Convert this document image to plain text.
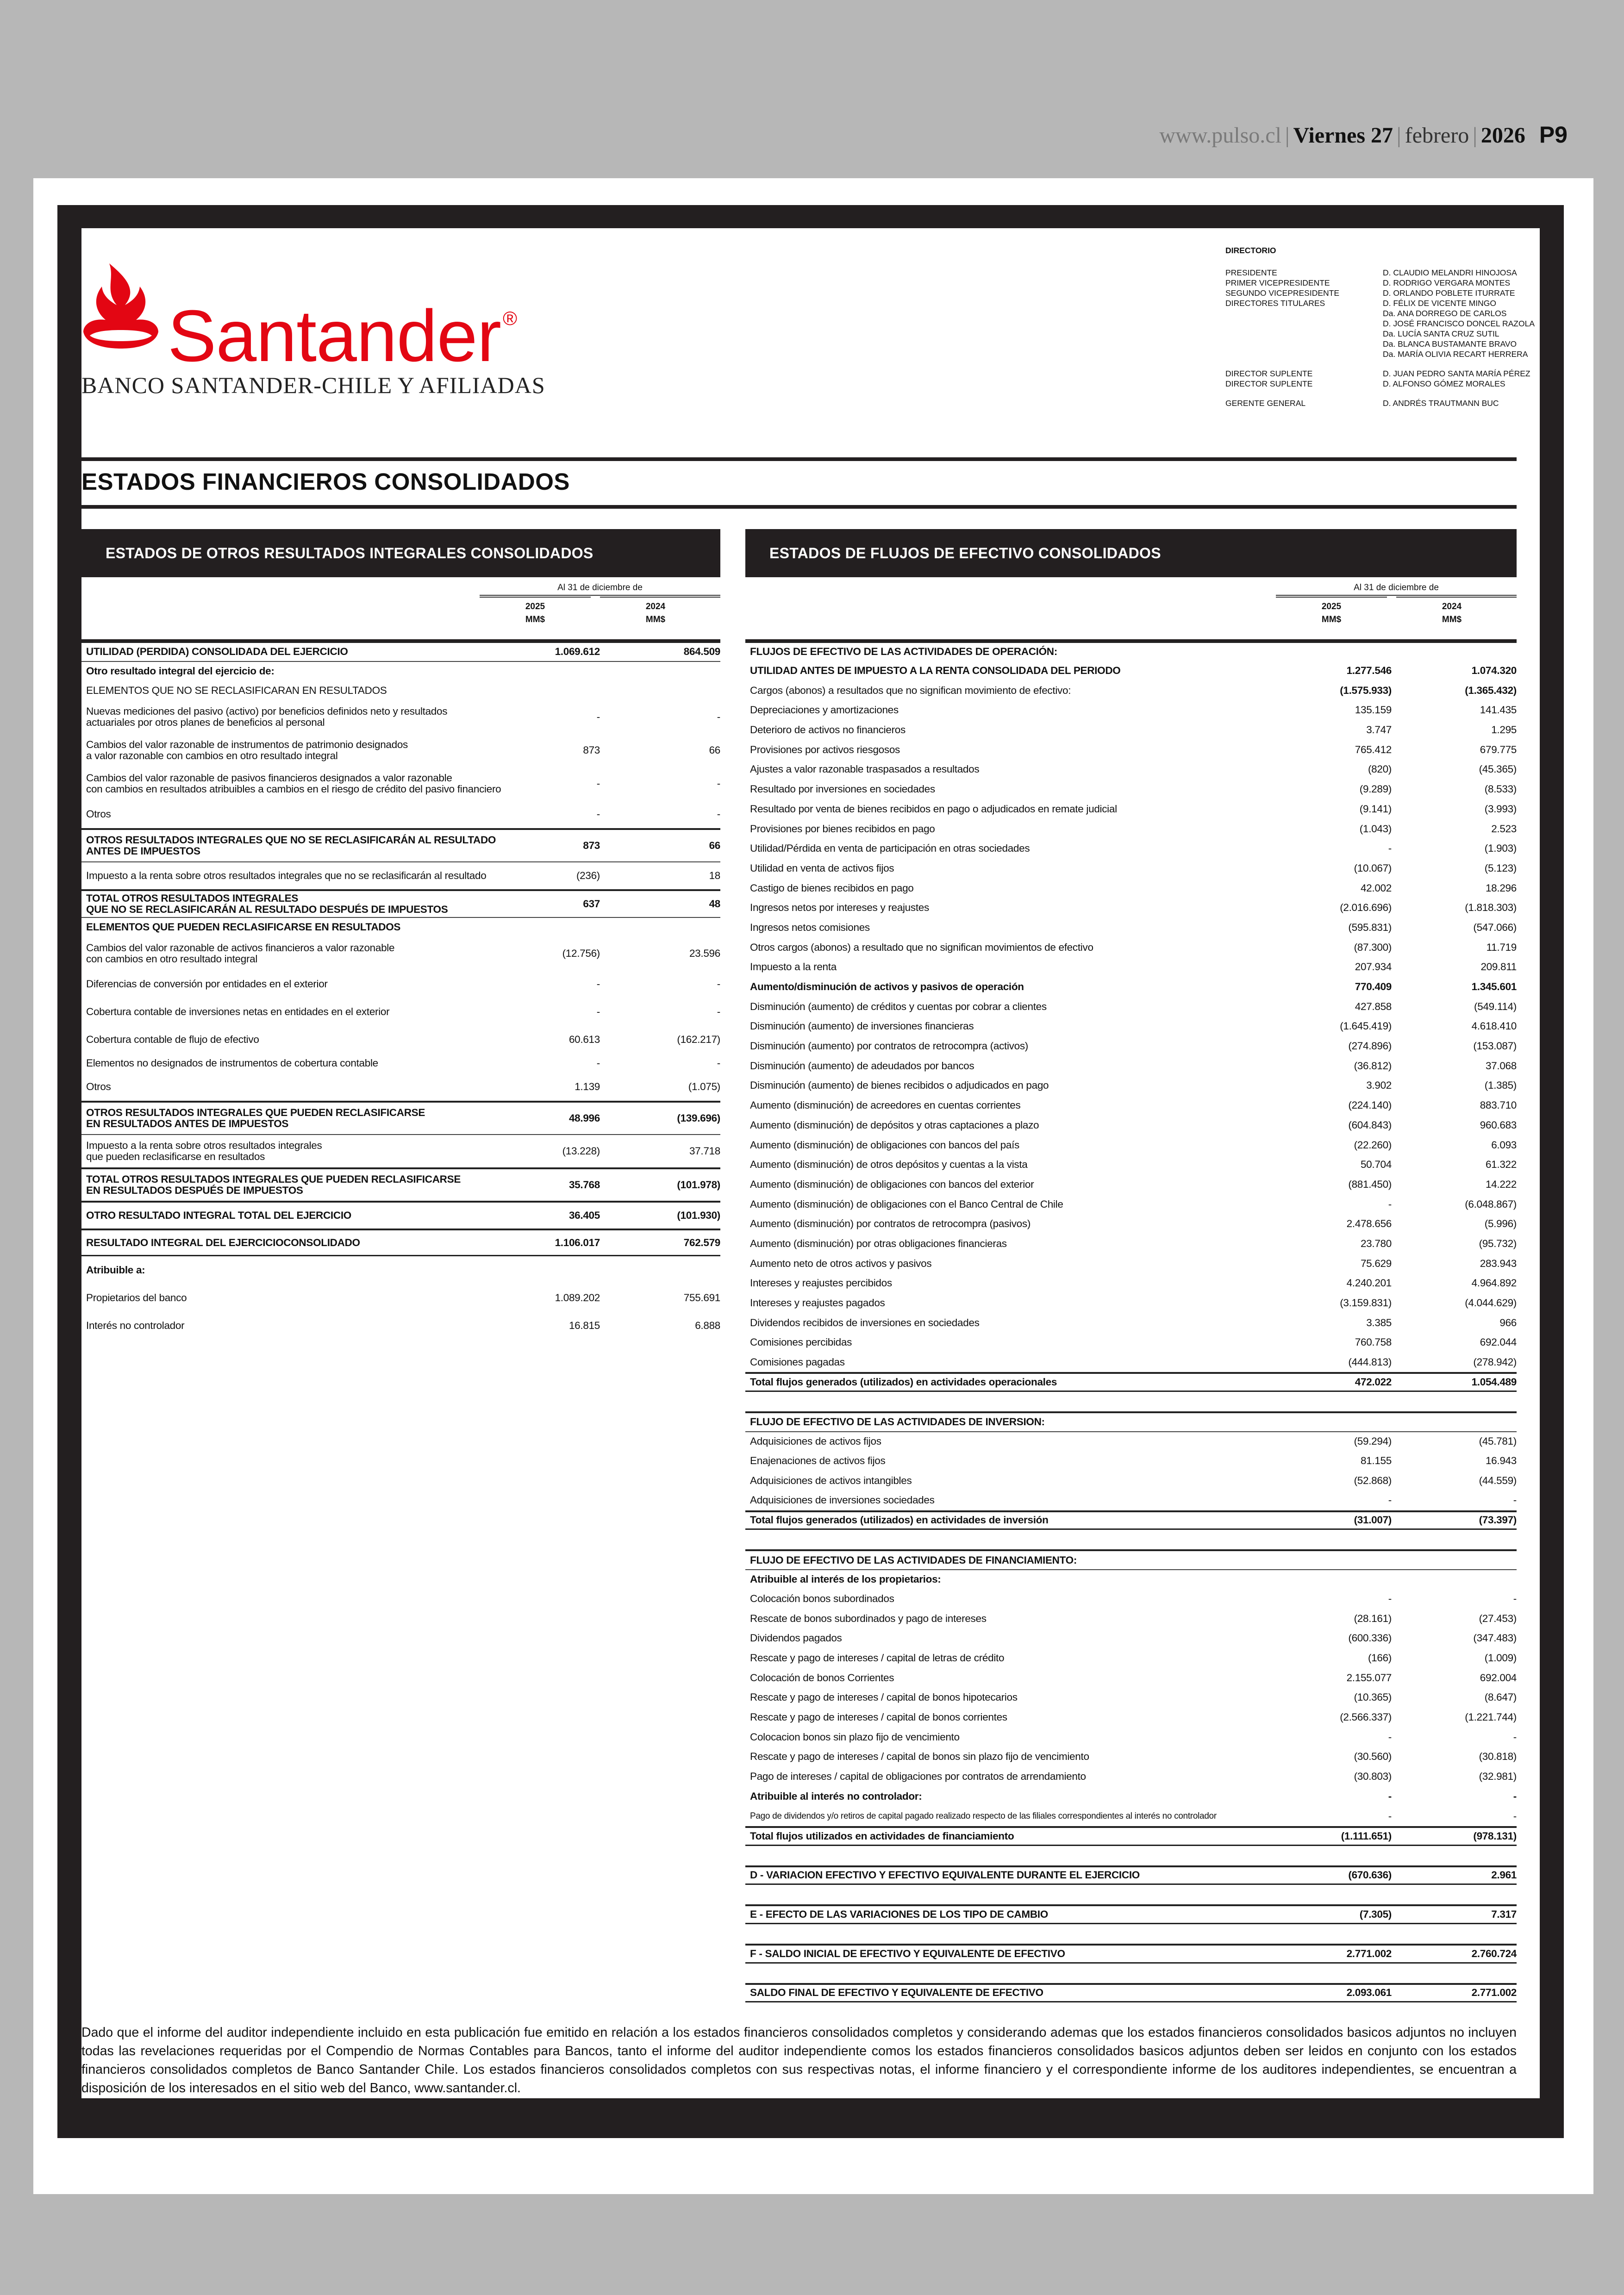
www.pulso.cl | Viernes 27 | febrero | 2026 P9
Santander®
BANCO SANTANDER-CHILE Y AFILIADAS
DIRECTORIO
PRESIDENTE	D. CLAUDIO MELANDRI HINOJOSA
PRIMER VICEPRESIDENTE	D. RODRIGO VERGARA MONTES
SEGUNDO VICEPRESIDENTE	D. ORLANDO POBLETE ITURRATE
DIRECTORES TITULARES	D. FÉLIX DE VICENTE MINGO
Da. ANA DORREGO DE CARLOS
D. JOSÉ FRANCISCO DONCEL RAZOLA
Da. LUCÍA SANTA CRUZ SUTIL
Da. BLANCA BUSTAMANTE BRAVO
Da. MARÍA OLIVIA RECART HERRERA
DIRECTOR SUPLENTE	D. JUAN PEDRO SANTA MARÍA PÉREZ
DIRECTOR SUPLENTE	D. ALFONSO GÓMEZ MORALES
GERENTE GENERAL	D. ANDRÉS TRAUTMANN BUC
ESTADOS FINANCIEROS CONSOLIDADOS
ESTADOS DE OTROS RESULTADOS INTEGRALES CONSOLIDADOS
Al 31 de diciembre de
2025
MM$
2024
MM$
UTILIDAD (PERDIDA) CONSOLIDADA DEL EJERCICIO	1.069.612	864.509
Otro resultado integral del ejercicio de:
ELEMENTOS QUE NO SE RECLASIFICARAN EN RESULTADOS
Nuevas mediciones del pasivo (activo) por beneficios definidos neto y resultados
actuariales por otros planes de beneficios al personal	-	-
Cambios del valor razonable de instrumentos de patrimonio designados
a valor razonable con cambios en otro resultado integral	873	66
Cambios del valor razonable de pasivos financieros designados a valor razonable
con cambios en resultados atribuibles a cambios en el riesgo de crédito del pasivo financiero	-	-
Otros	-	-
OTROS RESULTADOS INTEGRALES QUE NO SE RECLASIFICARÁN AL RESULTADO
ANTES DE IMPUESTOS	873	66
Impuesto a la renta sobre otros resultados integrales que no se reclasificarán al resultado	(236)	18
TOTAL OTROS RESULTADOS INTEGRALES
QUE NO SE RECLASIFICARÁN AL RESULTADO DESPUÉS DE IMPUESTOS	637	48
ELEMENTOS QUE PUEDEN RECLASIFICARSE EN RESULTADOS
Cambios del valor razonable de activos financieros a valor razonable
con cambios en otro resultado integral	(12.756)	23.596
Diferencias de conversión por entidades en el exterior	-	-
Cobertura contable de inversiones netas en entidades en el exterior	-	-
Cobertura contable de flujo de efectivo	60.613	(162.217)
Elementos no designados de instrumentos de cobertura contable	-	-
Otros	1.139	(1.075)
OTROS RESULTADOS INTEGRALES QUE PUEDEN RECLASIFICARSE
EN RESULTADOS ANTES DE IMPUESTOS	48.996	(139.696)
Impuesto a la renta sobre otros resultados integrales
que pueden reclasificarse en resultados	(13.228)	37.718
TOTAL OTROS RESULTADOS INTEGRALES QUE PUEDEN RECLASIFICARSE
EN RESULTADOS DESPUÉS DE IMPUESTOS	35.768	(101.978)
OTRO RESULTADO INTEGRAL TOTAL DEL EJERCICIO	36.405	(101.930)
RESULTADO INTEGRAL DEL EJERCICIOCONSOLIDADO	1.106.017	762.579
Atribuible a:
Propietarios del banco	1.089.202	755.691
Interés no controlador	16.815	6.888
ESTADOS DE FLUJOS DE EFECTIVO CONSOLIDADOS
Al 31 de diciembre de
2025
MM$
2024
MM$
FLUJOS DE EFECTIVO DE LAS ACTIVIDADES DE OPERACIÓN:
UTILIDAD ANTES DE IMPUESTO A LA RENTA CONSOLIDADA DEL PERIODO	1.277.546	1.074.320
Cargos (abonos) a resultados que no significan movimiento de efectivo:	(1.575.933)	(1.365.432)
Depreciaciones y amortizaciones	135.159	141.435
Deterioro de activos no financieros	3.747	1.295
Provisiones por activos riesgosos	765.412	679.775
Ajustes a valor razonable traspasados a resultados	(820)	(45.365)
Resultado por inversiones en sociedades	(9.289)	(8.533)
Resultado por venta de bienes recibidos en pago o adjudicados en remate judicial	(9.141)	(3.993)
Provisiones por bienes recibidos en pago	(1.043)	2.523
Utilidad/Pérdida en venta de participación en otras sociedades	-	(1.903)
Utilidad en venta de activos fijos	(10.067)	(5.123)
Castigo de bienes recibidos en pago	42.002	18.296
Ingresos netos por intereses y reajustes	(2.016.696)	(1.818.303)
Ingresos netos comisiones	(595.831)	(547.066)
Otros cargos (abonos) a resultado que no significan movimientos de efectivo	(87.300)	11.719
Impuesto a la renta	207.934	209.811
Aumento/disminución de activos y pasivos de operación	770.409	1.345.601
Disminución (aumento) de créditos y cuentas por cobrar a clientes	427.858	(549.114)
Disminución (aumento) de inversiones financieras	(1.645.419)	4.618.410
Disminución (aumento) por contratos de retrocompra (activos)	(274.896)	(153.087)
Disminución (aumento) de adeudados por bancos	(36.812)	37.068
Disminución (aumento) de bienes recibidos o adjudicados en pago	3.902	(1.385)
Aumento (disminución) de acreedores en cuentas corrientes	(224.140)	883.710
Aumento (disminución) de depósitos y otras captaciones a plazo	(604.843)	960.683
Aumento (disminución) de obligaciones con bancos del país	(22.260)	6.093
Aumento (disminución) de otros depósitos y cuentas a la vista	50.704	61.322
Aumento (disminución) de obligaciones con bancos del exterior	(881.450)	14.222
Aumento (disminución) de obligaciones con el Banco Central de Chile	-	(6.048.867)
Aumento (disminución) por contratos de retrocompra (pasivos)	2.478.656	(5.996)
Aumento (disminución) por otras obligaciones financieras	23.780	(95.732)
Aumento neto de otros activos y pasivos	75.629	283.943
Intereses y reajustes percibidos	4.240.201	4.964.892
Intereses y reajustes pagados	(3.159.831)	(4.044.629)
Dividendos recibidos de inversiones en sociedades	3.385	966
Comisiones percibidas	760.758	692.044
Comisiones pagadas	(444.813)	(278.942)
Total flujos generados (utilizados) en actividades operacionales	472.022	1.054.489
FLUJO DE EFECTIVO DE LAS ACTIVIDADES DE INVERSION:
Adquisiciones de activos fijos	(59.294)	(45.781)
Enajenaciones de activos fijos	81.155	16.943
Adquisiciones de activos intangibles	(52.868)	(44.559)
Adquisiciones de inversiones sociedades	-	-
Total flujos generados (utilizados) en actividades de inversión	(31.007)	(73.397)
FLUJO DE EFECTIVO DE LAS ACTIVIDADES DE FINANCIAMIENTO:
Atribuible al interés de los propietarios:
Colocación bonos subordinados	-	-
Rescate de bonos subordinados y pago de intereses	(28.161)	(27.453)
Dividendos pagados	(600.336)	(347.483)
Rescate y pago de intereses / capital de letras de crédito	(166)	(1.009)
Colocación de bonos Corrientes	2.155.077	692.004
Rescate y pago de intereses / capital de bonos hipotecarios	(10.365)	(8.647)
Rescate y pago de intereses / capital de bonos corrientes	(2.566.337)	(1.221.744)
Colocacion bonos sin plazo fijo de vencimiento	-	-
Rescate y pago de intereses / capital de bonos sin plazo fijo de vencimiento	(30.560)	(30.818)
Pago de intereses / capital de obligaciones por contratos de arrendamiento	(30.803)	(32.981)
Atribuible al interés no controlador:	-	-
Pago de dividendos y/o retiros de capital pagado realizado respecto de las filiales correspondientes al interés no controlador	-	-
Total flujos utilizados en actividades de financiamiento	(1.111.651)	(978.131)
D - VARIACION EFECTIVO Y EFECTIVO EQUIVALENTE DURANTE EL EJERCICIO	(670.636)	2.961
E - EFECTO DE LAS VARIACIONES DE LOS TIPO DE CAMBIO	(7.305)	7.317
F - SALDO INICIAL DE EFECTIVO Y EQUIVALENTE DE EFECTIVO	2.771.002	2.760.724
SALDO FINAL DE EFECTIVO Y EQUIVALENTE DE EFECTIVO	2.093.061	2.771.002
Dado que el informe del auditor independiente incluido en esta publicación fue emitido en relación a los estados financieros consolidados completos y considerando ademas que los estados financieros consolidados basicos adjuntos no incluyen todas las revelaciones requeridas por el Compendio de Normas Contables para Bancos, tanto el informe del auditor independiente comos los estados financieros consolidados basicos adjuntos deben ser leidos en conjunto con los estados financieros consolidados completos de Banco Santander Chile. Los estados financieros consolidados completos con sus respectivas notas, el informe financiero y el correspondiente informe de los auditores independientes, se encuentran a disposición de los interesados en el sitio web del Banco, www.santander.cl.
